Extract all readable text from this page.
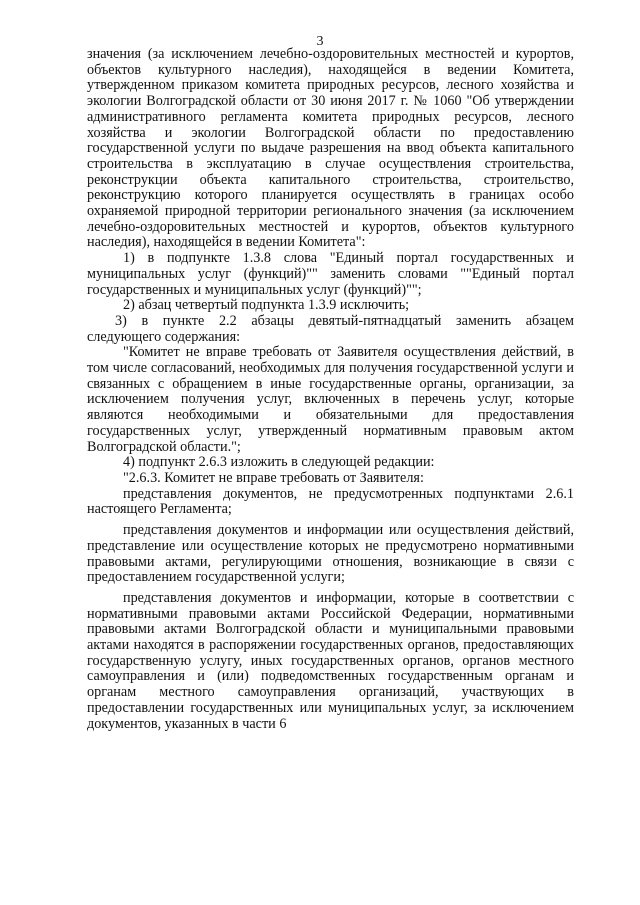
3

значения (за исключением лечебно-оздоровительных местностей и курортов, объектов культурного наследия), находящейся в ведении Комитета, утвержденном приказом комитета природных ресурсов, лесного хозяйства и экологии Волгоградской области от 30 июня 2017 г. № 1060 "Об утверждении административного регламента комитета природных ресурсов, лесного хозяйства и экологии Волгоградской области по предоставлению государственной услуги по выдаче разрешения на ввод объекта капитального строительства в эксплуатацию в случае осуществления строительства, реконструкции объекта капитального строительства, строительство, реконструкцию которого планируется осуществлять в границах особо охраняемой природной территории регионального значения (за исключением лечебно-оздоровительных местностей и курортов, объектов культурного наследия), находящейся в ведении Комитета":

1) в подпункте 1.3.8 слова "Единый портал государственных и муниципальных услуг (функций)"" заменить словами ""Единый портал государственных и муниципальных услуг (функций)"";

2) абзац четвертый подпункта 1.3.9 исключить;

3) в пункте 2.2 абзацы девятый-пятнадцатый заменить абзацем следующего содержания:

"Комитет не вправе требовать от Заявителя осуществления действий, в том числе согласований, необходимых для получения государственной услуги и связанных с обращением в иные государственные органы, организации, за исключением получения услуг, включенных в перечень услуг, которые являются необходимыми и обязательными для предоставления государственных услуг, утвержденный нормативным правовым актом Волгоградской области.";

4) подпункт 2.6.3 изложить в следующей редакции:

"2.6.3. Комитет не вправе требовать от Заявителя:

представления документов, не предусмотренных подпунктами 2.6.1 настоящего Регламента;

представления документов и информации или осуществления действий, представление или осуществление которых не предусмотрено нормативными правовыми актами, регулирующими отношения, возникающие в связи с предоставлением государственной услуги;

представления документов и информации, которые в соответствии с нормативными правовыми актами Российской Федерации, нормативными правовыми актами Волгоградской области и муниципальными правовыми актами находятся в распоряжении государственных органов, предоставляющих государственную услугу, иных государственных органов, органов местного самоуправления и (или) подведомственных государственным органам и органам местного самоуправления организаций, участвующих в предоставлении государственных или муниципальных услуг, за исключением документов, указанных в части 6
